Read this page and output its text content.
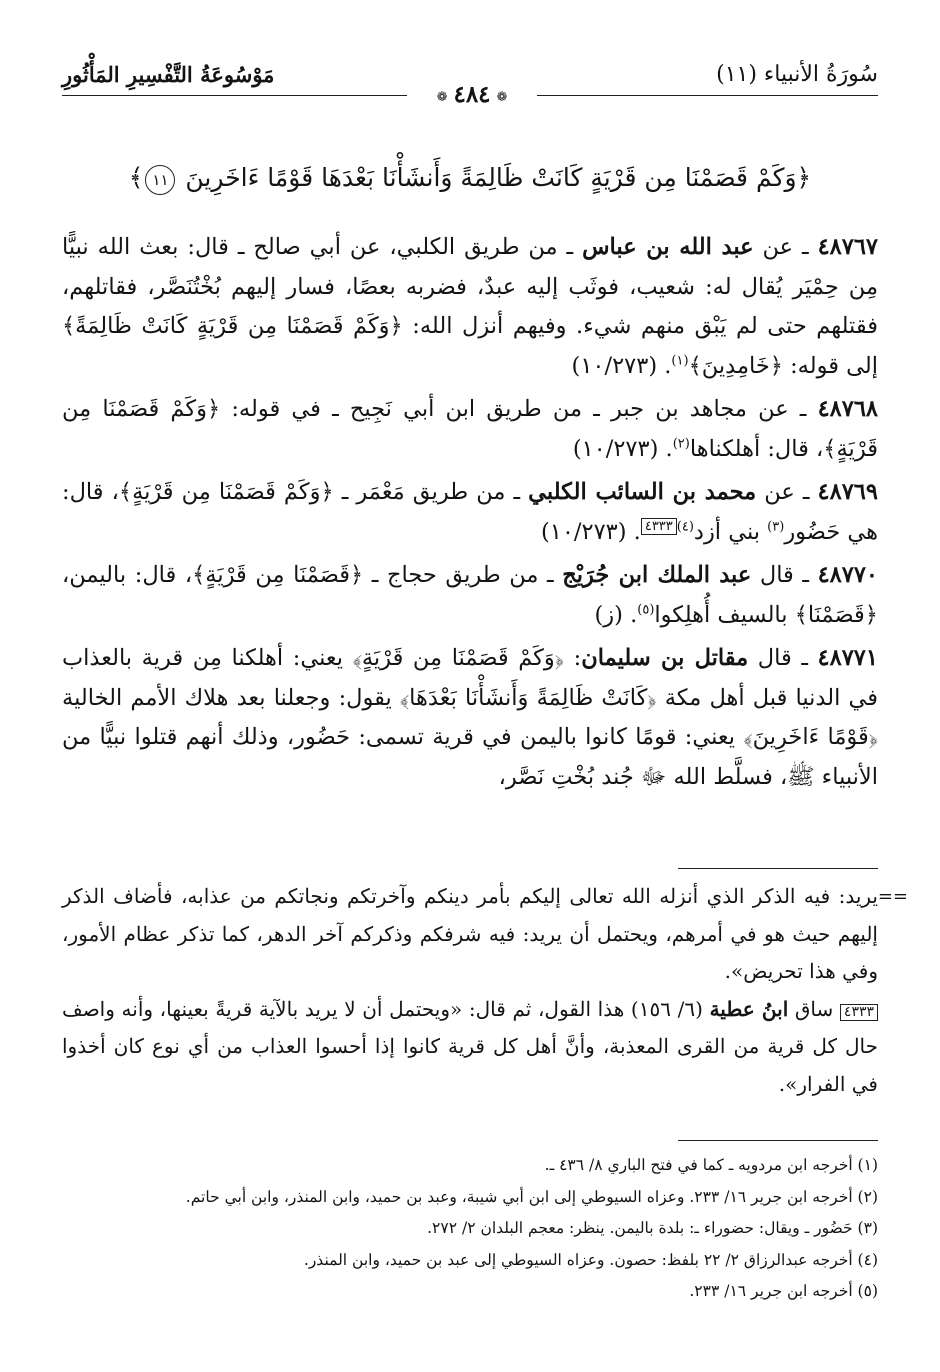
سُورَةُ الأنبياء (١١)
مَوْسُوعَةُ التَّفْسِيرِ المَأْثُورِ
❁ ٤٨٤ ❁
﴿وَكَمْ قَصَمْنَا مِن قَرْيَةٍ كَانَتْ ظَالِمَةً وَأَنشَأْنَا بَعْدَهَا قَوْمًا ءَاخَرِينَ ١١﴾

٤٨٧٦٧ ـ عن عبد الله بن عباس ـ من طريق الكلبي، عن أبي صالح ـ قال: بعث الله نبيًّا مِن حِمْيَر يُقال له: شعيب، فوثَب إليه عبدٌ، فضربه بعصًا، فسار إليهم بُخْتُنَصَّر، فقاتلهم، فقتلهم حتى لم يَبْق منهم شيء. وفيهم أنزل الله: ﴿وَكَمْ قَصَمْنَا مِن قَرْيَةٍ كَانَتْ ظَالِمَةً﴾ إلى قوله: ﴿خَامِدِينَ﴾$^{(١)}$. (١٠/٢٧٣)

٤٨٧٦٨ ـ عن مجاهد بن جبر ـ من طريق ابن أبي نَجِيح ـ في قوله: ﴿وَكَمْ قَصَمْنَا مِن قَرْيَةٍ﴾، قال: أهلكناها$^{(٢)}$. (١٠/٢٧٣)

٤٨٧٦٩ ـ عن محمد بن السائب الكلبي ـ من طريق مَعْمَر ـ ﴿وَكَمْ قَصَمْنَا مِن قَرْيَةٍ﴾، قال: هي حَضُور$^{(٣)}$ بني أزد$^{(٤)}$٤٣٣٣. (١٠/٢٧٣)

٤٨٧٧٠ ـ قال عبد الملك ابن جُرَيْج ـ من طريق حجاج ـ ﴿قَصَمْنَا مِن قَرْيَةٍ﴾، قال: باليمن، ﴿قَصَمْنَا﴾ بالسيف أُهلِكوا$^{(٥)}$. (ز)

٤٨٧٧١ ـ قال مقاتل بن سليمان: ﴿وَكَمْ قَصَمْنَا مِن قَرْيَةٍ﴾ يعني: أهلكنا مِن قرية بالعذاب في الدنيا قبل أهل مكة ﴿كَانَتْ ظَالِمَةً وَأَنشَأْنَا بَعْدَهَا﴾ يقول: وجعلنا بعد هلاك الأمم الخالية ﴿قَوْمًا ءَاخَرِينَ﴾ يعني: قومًا كانوا باليمن في قرية تسمى: حَضُور، وذلك أنهم قتلوا نبيًّا من الأنبياء ﷺ، فسلَّط الله ﷻ جُند بُخْتِ نَصَّر،

==

يريد: فيه الذكر الذي أنزله الله تعالى إليكم بأمر دينكم وآخرتكم ونجاتكم من عذابه، فأضاف الذكر إليهم حيث هو في أمرهم، ويحتمل أن يريد: فيه شرفكم وذكركم آخر الدهر، كما تذكر عظام الأمور، وفي هذا تحريض».

٤٣٣٣ ساق ابنُ عطية (٦/ ١٥٦) هذا القول، ثم قال: «ويحتمل أن لا يريد بالآية قريةً بعينها، وأنه واصف حال كل قرية من القرى المعذبة، وأنَّ أهل كل قرية كانوا إذا أحسوا العذاب من أي نوع كان أخذوا في الفرار».

(١) أخرجه ابن مردويه ـ كما في فتح الباري ٨/ ٤٣٦ ـ.
(٢) أخرجه ابن جرير ١٦/ ٢٣٣. وعزاه السيوطي إلى ابن أبي شيبة، وعبد بن حميد، وابن المنذر، وابن أبي حاتم.
(٣) حَضُور ـ ويقال: حضوراء ـ: بلدة باليمن. ينظر: معجم البلدان ٢/ ٢٧٢.
(٤) أخرجه عبدالرزاق ٢/ ٢٢ بلفظ: حصون. وعزاه السيوطي إلى عبد بن حميد، وابن المنذر.
(٥) أخرجه ابن جرير ١٦/ ٢٣٣.
